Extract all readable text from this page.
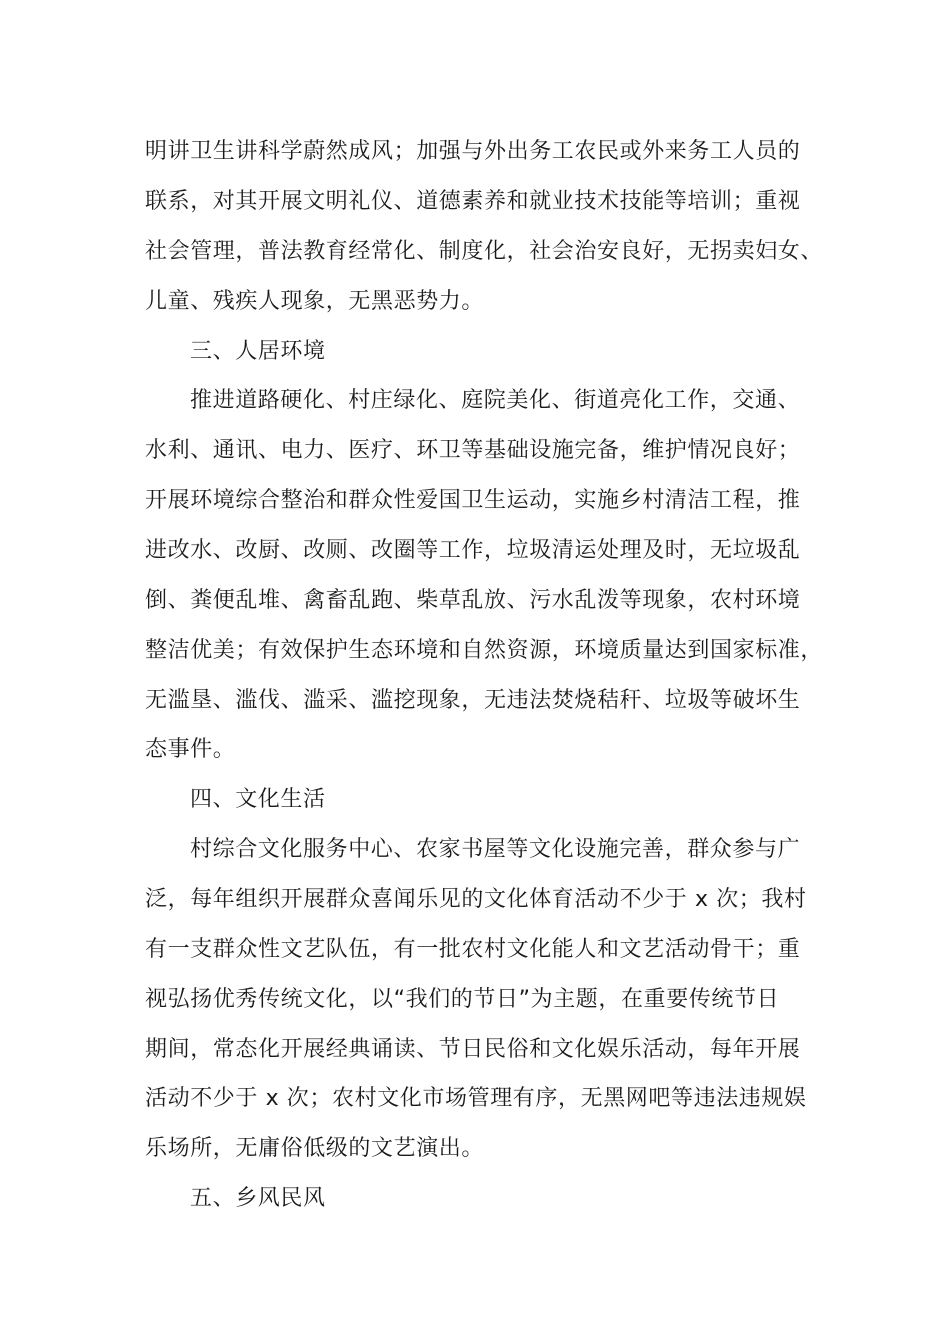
明讲卫生讲科学蔚然成风；加强与外出务工农民或外来务工人员的
联系，对其开展文明礼仪、道德素养和就业技术技能等培训；重视
社会管理，普法教育经常化、制度化，社会治安良好，无拐卖妇女、
儿童、残疾人现象，无黑恶势力。
三、人居环境
推进道路硬化、村庄绿化、庭院美化、街道亮化工作，交通、
水利、通讯、电力、医疗、环卫等基础设施完备，维护情况良好；
开展环境综合整治和群众性爱国卫生运动，实施乡村清洁工程，推
进改水、改厨、改厕、改圈等工作，垃圾清运处理及时，无垃圾乱
倒、粪便乱堆、禽畜乱跑、柴草乱放、污水乱泼等现象，农村环境
整洁优美；有效保护生态环境和自然资源，环境质量达到国家标准，
无滥垦、滥伐、滥采、滥挖现象，无违法焚烧秸秆、垃圾等破坏生
态事件。
四、文化生活
村综合文化服务中心、农家书屋等文化设施完善，群众参与广
泛，每年组织开展群众喜闻乐见的文化体育活动不少于 x 次；我村
有一支群众性文艺队伍，有一批农村文化能人和文艺活动骨干；重
视弘扬优秀传统文化，以“我们的节日”为主题，在重要传统节日
期间，常态化开展经典诵读、节日民俗和文化娱乐活动，每年开展
活动不少于 x 次；农村文化市场管理有序，无黑网吧等违法违规娱
乐场所，无庸俗低级的文艺演出。
五、乡风民风
